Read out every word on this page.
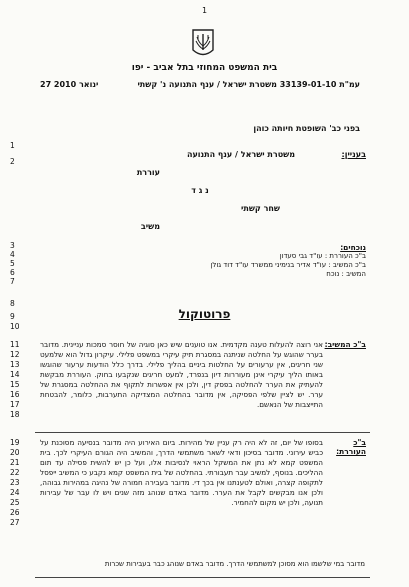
1
בית המשפט המחוזי בתל אביב - יפו
עמ"ת 33139-01-10 משטרת ישראל / ענף התנועה נ' קשתי
27 ינואר 2010
בפני כב' השופטת חיותה כוהן
1
2
3
4
5
6
7
8
9
10
11
12
13
14
15
16
17
18
19
20
21
22
23
24
25
26
27
בעניין:
משטרת ישראל / ענף התנועה
עוררת
נ ג ד
שחר קשתי
משיב
נוכחים:
ב"כ העוררת : עו"ד גבי סעדון
ב"כ המשיב : עו"ד אדיר בנימיני ממשרד עו"ד דוד גולן
המשיב : נוכח
פרוטוקול
ב"כ המשיב:
אני רוצה להעלות טענה מקדמית. אנו טוענים שיש כאן סוגיה של חוסר סמכות עניינית. מדובר בערר שהוגש על החלטה שניתנה במסגרת תיק עיקרי במשפט פלילי. עיקרון גדול הוא שלמעט שני חריגים, אין ערעורים על החלטות ביניים בהליך פלילי. בדרך כלל הודעות ערעור שהוגשו באותו הליך עיקרי אינן מעוררות דיון בנפרד, למעט חריגים שנקבעו בחוק. העוררת מבקשת להעתיק את הערר להחלטה בפסק דין, ולכן אין אפשרות לתקוף את ההחלטה במסגרת של ערר. יש לציין שלפי הפסיקה, אין מדובר בהחלטה המצדיקה התערבות, כלומר, להבטחת התייצבות של הנאשם.
ב"כ העוררת:
בסופו של יום, זה לא היה רק עניין של מהירות. ביום האירוע היה מדובר בנסיעה מסוכנת על כביש עירוני. מדובר בסיכון ודאי לשאר משתמשי הדרך, והמשיב היה הגורם העיקרי לכך. בית המשפט קמא לא נתן את המשקל הראוי לנסיבות אלו, ועל כן יש להשית פסילה עד תום ההליכים. בנוסף, למשיב עבר תעבורתי. בהחלטה של בית המשפט קמא נקבע כי המשיב ייפסל לתקופה קצרה, ואולם לטענתנו אין בכך די. מדובר בעבירה חמורה של נהיגה במהירות גבוהה, ולכן אנו מבקשים לקבל את הערר. מדובר באדם שנוהג מזה שנים ויש לו עבר של עבירות תנועה, ולכן יש מקום להחמיר.
מדובר במי שלשמו הוא מסוכן למשתמשי הדרך. מדובר באדם שנוהג כבר בעבירות שכרות
